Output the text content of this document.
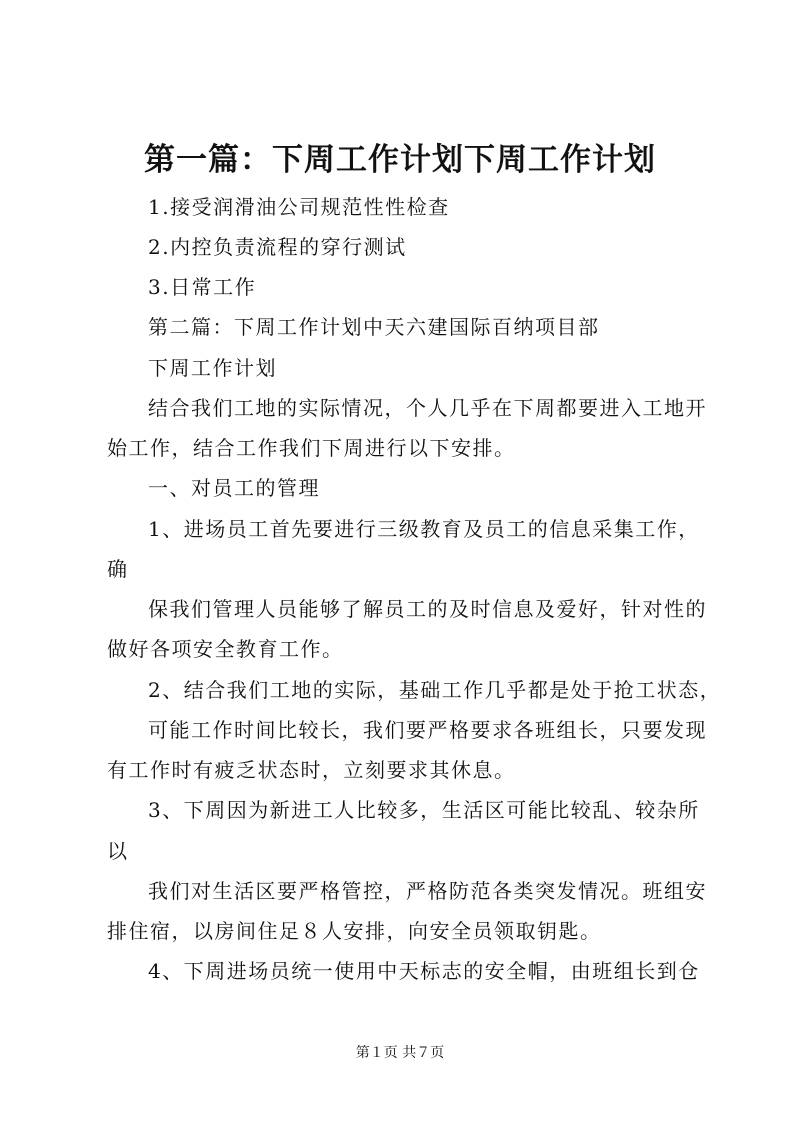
第一篇：下周工作计划下周工作计划
1.接受润滑油公司规范性性检查
2.内控负责流程的穿行测试
3.日常工作
第二篇：下周工作计划中天六建国际百纳项目部
下周工作计划
结合我们工地的实际情况，个人几乎在下周都要进入工地开
始工作，结合工作我们下周进行以下安排。
一、对员工的管理
1、进场员工首先要进行三级教育及员工的信息采集工作，
确
保我们管理人员能够了解员工的及时信息及爱好，针对性的
做好各项安全教育工作。
2、结合我们工地的实际，基础工作几乎都是处于抢工状态，
可能工作时间比较长，我们要严格要求各班组长，只要发现
有工作时有疲乏状态时，立刻要求其休息。
3、下周因为新进工人比较多，生活区可能比较乱、较杂所
以
我们对生活区要严格管控，严格防范各类突发情况。班组安
排住宿，以房间住足８人安排，向安全员领取钥匙。
4、下周进场员统一使用中天标志的安全帽，由班组长到仓
第１页 共７页
